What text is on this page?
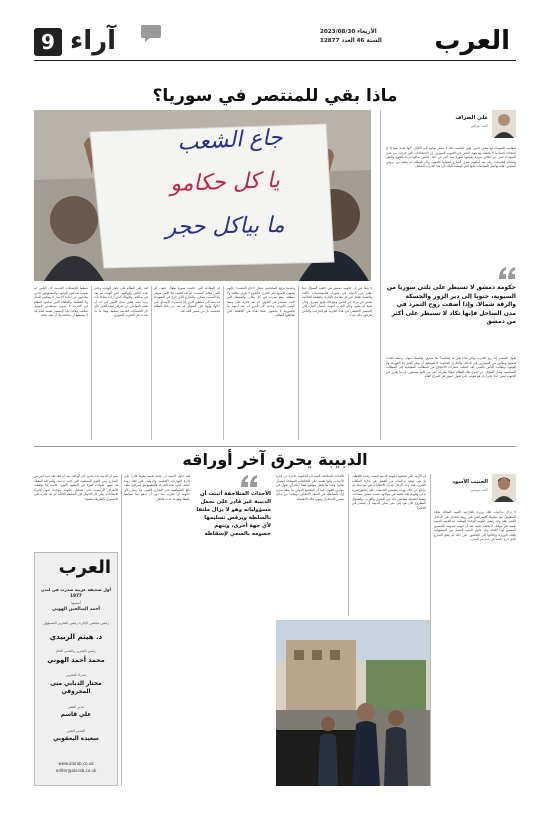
العرب
الأربعاء 2023/08/30
السنة 46 العدد 12877
آراء
9
ماذا بقي للمنتصر في سوريا؟
علي الصراف
كاتب عراقي
جاع الشعب
يا كل حكامو
ما بياكل حجر
انتفاضة السويداء لها معنى خاص، فهي انتفاضة تكاد لا تشعر بوجود إلى الآفاق، لأنها تقدم نموذجا أو احتجاجا اجتماعيا لا يختلف مع هوية الناس في الجنوب السوري. إن الاحتجاجات التي خرجت من مدن السويداء تعبر عن حقائق مريرة تعيشها سوريا منذ أكثر من عقد. الناس ضاقوا ذرعا بالجوع والفقر وانعدام الخدمات، ولم يعد أمامهم سوى الشارع ليقولوا كلمتهم. ولأن النظام لم يتعلم من دروس الماضي، فإنه يواصل السياسات ذاتها التي أوصلت البلاد إلى هذا الخراب الشامل.
حكومة دمشق لا تسيطر على ثلثي سوريا من السيوية، جنوبا إلى دير الزور والحسكة والرقة شمالا. وإذا أضفت روح التمرد في مدن الساحل فإنها تكاد لا تسيطر على أكثر من دمشق
يقول المنتصر إنه ربح الحرب، ولكن ماذا بقي له ليحكمه؟ بلد ممزق، واقتصاد منهار، وعملة فقدت قيمتها، وملايين من المهجرين في الداخل والخارج. الحكومة لا تستطيع أن توفر الخبز ولا الكهرباء ولا الوقود، وتطالب الناس بالصبر. لقد انتقلت شعارات الاحتجاج من المطالب المعيشية إلى المطالب السياسية، وصار السؤال عن جدوى بقاء النظام سؤالا يطرحه حتى من كانوا يصمتون. إن ما يجري في الجنوب ليس حدثا عابرا، بل هو مؤشر على تحول عميق في المزاج العام.
لا شك في أن حكومة دمشق هي خلفية السؤال عما تبقى من الدولة في سوريا. فالمؤسسات تآكلت والفساد تغلغل في كل مفاصل الإدارة، والطبقة الحاكمة تعيش في عزلة عن الناس. ومع ذلك فإنها تتصرف وكأن شيئا لم يتغير، وكأن الحرب انتهت بانتصار كامل. لكن المنتصر الحقيقي في هذه الحرب هو الخراب، والناس يعرفون ذلك جيدا.
وعندما يرفع المحتجون شعار «جاع الشعب» فإنهم يضعون الإصبع على الجرح. فالجوع لا يعرف طائفة ولا منطقة، وهو يضرب في كل مكان. والسلطة التي كانت تستثمر في الخوف لم تعد قادرة على ضبط الناس بالتهديد وحده، لأن الذين لم يعد لديهم ما يخسرونه لا يخشون شيئا. هذه هي الحقيقة التي يتجاهلها النظام.
إن المعادلة التي حكمت سوريا طوال عقود، أي الأمن مقابل الصمت، لم تعد قائمة. فلا الأمن متوفر ولا الصمت ممكن. والشارع الذي خرج في السويداء قد يمتد إلى مناطق أخرى إذا استمرت الأوضاع على حالها. ولهذا فإن السؤال لم يعد عن بقاء النظام فحسب، بل عن مصير البلد كله.
لقد راهن النظام على عامل الوقت، وعلى تعب الناس وإنهاكهم. لكن الوقت لم يعد في صالحه. والإنهاك الذي أراده سلاحا بات يرتد عليه. فحين تصل الأمور إلى حد أن يعجز المواطن عن شراء رغيف الخبز، فإن كل الحسابات القديمة تسقط. وهذا ما بدأ يحدث في الجنوب السوري.
تسقط الحسابات القديمة لأن الناس لم يعودوا يصدقون الوعود. والمسؤولون الذين يتحدثون عن إعادة الإعمار لا يملكون المال ولا الخطط. والحلفاء الذين ساندوا النظام في الحرب لا يبدون مستعدين لتمويل سلامه. وهكذا يجد المنتصر نفسه أمام بلد لا يستطيع أن يحكمه ولا أن يعيد بناءه.
الدبيبة يحرق آخر أوراقه
الحبيب الأسود
كاتب تونسي
لا تزال تداعيات لقاء وزيرة الخارجية الليبية المقالة نجلاء المنقوش مع نظيرها الإسرائيلي في روما تتفاعل في الداخل الليبي. فقد وجد رئيس حكومة الوحدة الوطنية عبدالحميد الدبيبة نفسه في موقف لا يحسد عليه، بعد أن اتهمه خصومه بالتنسيق المسبق لهذا اللقاء. وقد حاول الدبيبة التنصل من المسؤولية بإقالة الوزيرة وإحالتها إلى التحقيق، لكن ذلك لم يقنع الشارع الذي خرج غاضبا في عدد من المدن.
إن الأزمة التي تعيشها حكومة الدبيبة ليست وليدة اللحظة، بل هي نتيجة تراكمات من الفشل في إدارة الملفات الكبرى. فقد وعد الرجل بإجراء الانتخابات في موعدها، ثم تراجع عن ذلك. ووعد بتحسين الخدمات، فلم يتحقق شيء يذكر. واليوم يجد نفسه في مواجهة غضب شعبي متصاعد، وسط انقسام سياسي حاد بين الشرق والغرب. والسؤال المطروح الآن هو: إلى متى يمكن للدبيبة أن يستمر في الحكم؟
الأحداث المتلاحقة أثبتت أن الحكومة عاجزة عن إدارة الأزمات، وأنها تعتمد على التحالفات المسلحة لضمان بقائها. وهذا ما يجعل موقفها هشا أمام أي تحول في موازين القوى. كما أن المجتمع الدولي بدأ يفقد صبره إزاء المماطلة في الملف الانتخابي، ويبحث عن بدائل تضمن الاستقرار وتنهي حالة الانقسام.
الأحداث المتلاحقة أثبتت أن الدبيبة غير قادر على تحمل مسؤولياته وهو لا يزال ملتفا بالسلطة ويرفض تسليمها لأي جهة أخرى، ويتهم خصومه بالسعي لإسقاطه
لقد حاول الدبيبة أن يقدم نفسه طرفا قادرا على إدارة التوازنات الإقليمية والدولية، لكن لقاء روما كشف حدود هذه القدرة. فالتطبيع مع إسرائيل ملف بالغ الحساسية في الشارع الليبي، ولا يمكن لأي حكومة أن تقترب منه دون أن تدفع ثمنا سياسيا باهظا. وهو ما حدث بالفعل.
يبدو أن الدبيبة بات يحرق آخر أوراقه، بعد أن فقد ثقة جزء كبير من الشارع، ومن القوى السياسية التي كانت تدعمه. والمرحلة المقبلة قد تشهد تحولات كبيرة في المشهد الليبي، خاصة إذا توافقت الأطراف الرئيسية على تشكيل حكومة موحدة تمهد لإجراء الانتخابات. وفي كل الأحوال فإن السلطة الحالية لم تعد قادرة على الاستمرار بالطريقة نفسها.
العرب
أول صحيفة عربية صدرت في لندن 1977
أسسها
أحمد الصالحين الهوني
رئيس مجلس الإدارة رئيس التحرير المسؤول
د. هيثم الزبيدي
رئيس التحرير والمدير العام
محمد أحمد الهوني
مدراء التحرير
مختار الدبابي منى المحروقي
مدير النشر
علي قاسم
المدير الفني
سعيدة اليعقوبي
www.alarab.co.uk
editor@alarab.co.uk
